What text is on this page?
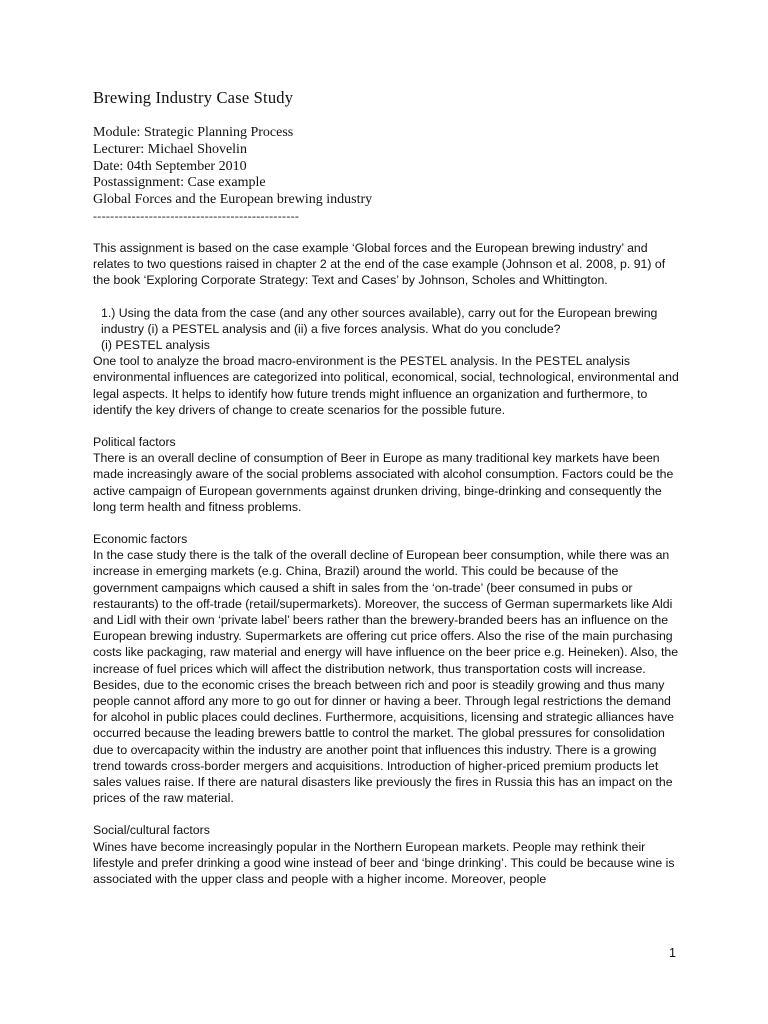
Brewing Industry Case Study

Module: Strategic Planning Process

Lecturer: Michael Shovelin

Date: 04th September 2010

Postassignment: Case example

Global Forces and the European brewing industry

------------------------------------------------

This assignment is based on the case example ‘Global forces and the European brewing industry’ and relates to two questions raised in chapter 2 at the end of the case example (Johnson et al. 2008, p. 91) of the book ‘Exploring Corporate Strategy: Text and Cases’ by Johnson, Scholes and Whittington.

1.) Using the data from the case (and any other sources available), carry out for the European brewing industry (i) a PESTEL analysis and (ii) a five forces analysis. What do you conclude?

(i) PESTEL analysis

One tool to analyze the broad macro-environment is the PESTEL analysis. In the PESTEL analysis environmental influences are categorized into political, economical, social, technological, environmental and legal aspects. It helps to identify how future trends might influence an organization and furthermore, to identify the key drivers of change to create scenarios for the possible future.

Political factors

There is an overall decline of consumption of Beer in Europe as many traditional key markets have been made increasingly aware of the social problems associated with alcohol consumption. Factors could be the active campaign of European governments against drunken driving, binge-drinking and consequently the long term health and fitness problems.

Economic factors

In the case study there is the talk of the overall decline of European beer consumption, while there was an increase in emerging markets (e.g. China, Brazil) around the world. This could be because of the government campaigns which caused a shift in sales from the ‘on-trade’ (beer consumed in pubs or restaurants) to the off-trade (retail/supermarkets). Moreover, the success of German supermarkets like Aldi and Lidl with their own ‘private label’ beers rather than the brewery-branded beers has an influence on the European brewing industry. Supermarkets are offering cut price offers. Also the rise of the main purchasing costs like packaging, raw material and energy will have influence on the beer price e.g. Heineken). Also, the increase of fuel prices which will affect the distribution network, thus transportation costs will increase. Besides, due to the economic crises the breach between rich and poor is steadily growing and thus many people cannot afford any more to go out for dinner or having a beer. Through legal restrictions the demand for alcohol in public places could declines. Furthermore, acquisitions, licensing and strategic alliances have occurred because the leading brewers battle to control the market. The global pressures for consolidation due to overcapacity within the industry are another point that influences this industry. There is a growing trend towards cross-border mergers and acquisitions. Introduction of higher-priced premium products let sales values raise. If there are natural disasters like previously the fires in Russia this has an impact on the prices of the raw material.

Social/cultural factors

Wines have become increasingly popular in the Northern European markets. People may rethink their lifestyle and prefer drinking a good wine instead of beer and ‘binge drinking’. This could be because wine is associated with the upper class and people with a higher income. Moreover, people

1
